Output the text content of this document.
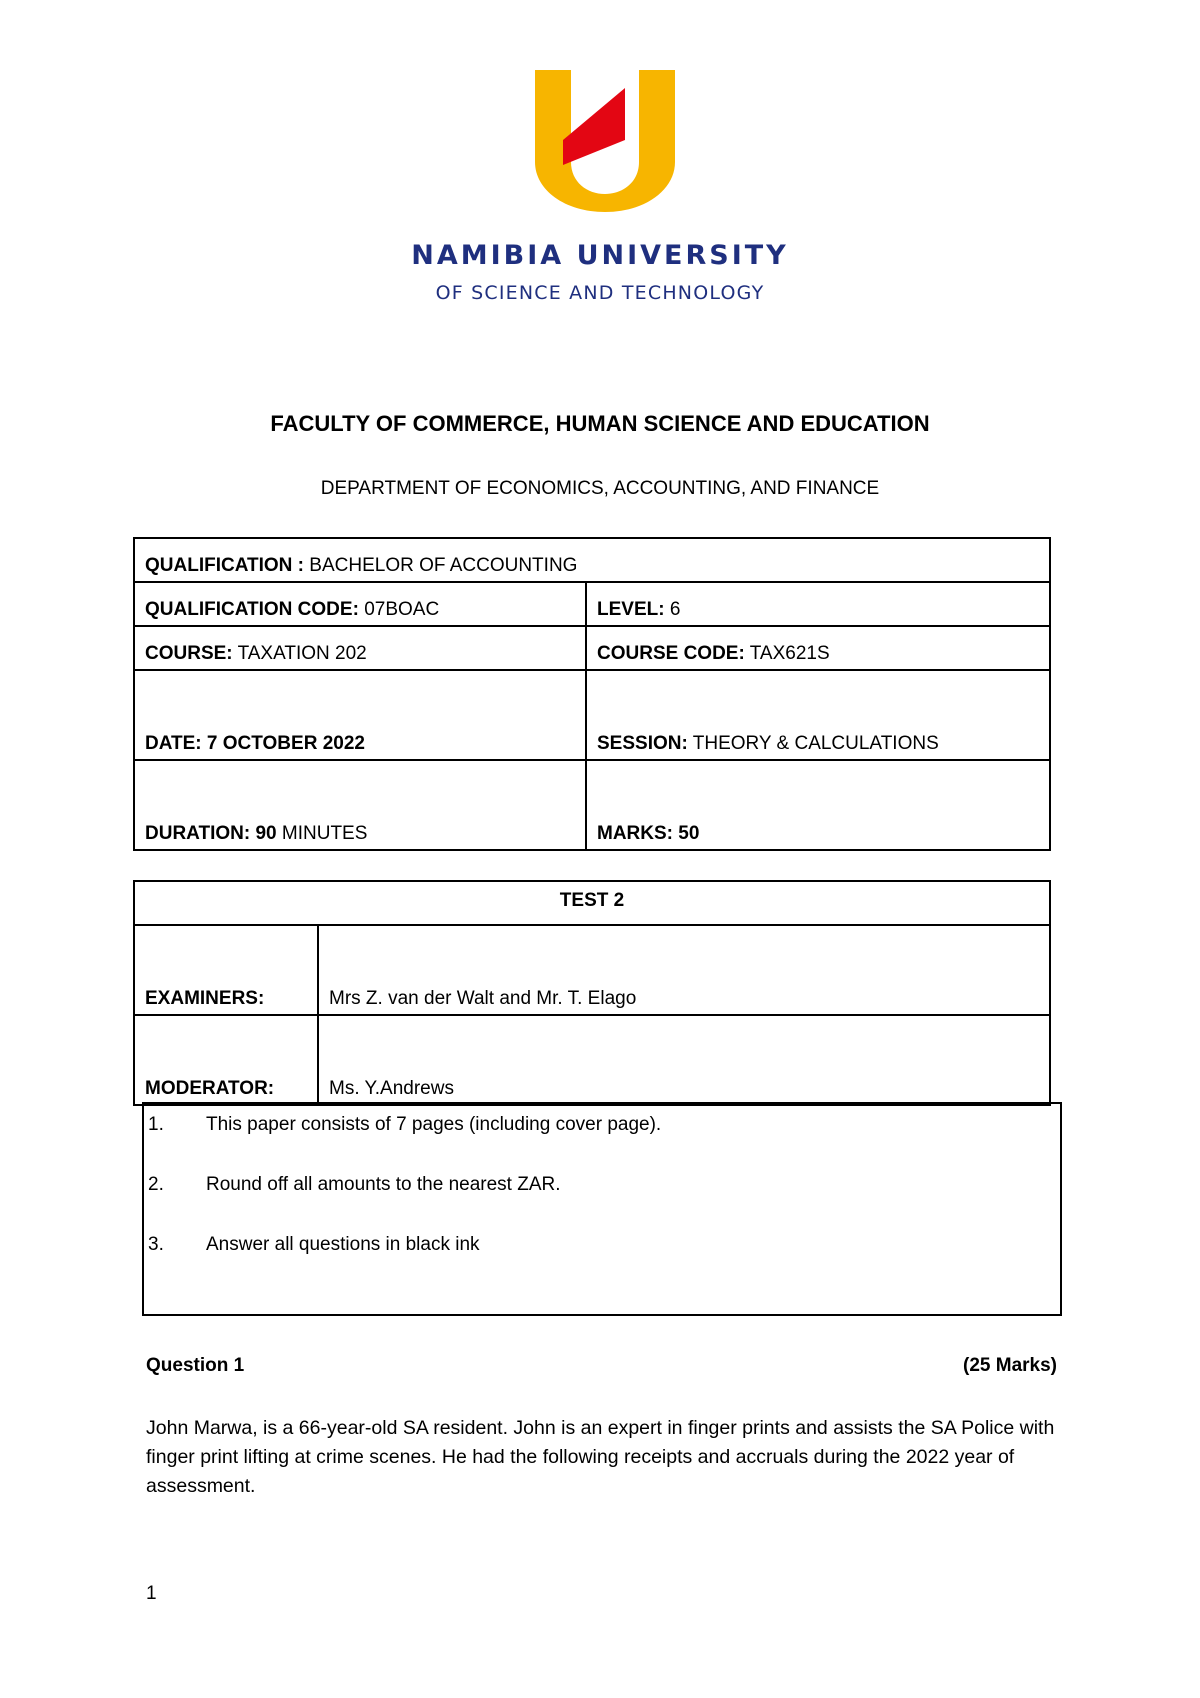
NAMIBIA UNIVERSITY
OF SCIENCE AND TECHNOLOGY
FACULTY OF COMMERCE, HUMAN SCIENCE AND EDUCATION
DEPARTMENT OF ECONOMICS, ACCOUNTING, AND FINANCE
QUALIFICATION : BACHELOR OF ACCOUNTING	
QUALIFICATION CODE: 07BOAC	LEVEL: 6
COURSE: TAXATION 202	COURSE CODE: TAX621S
DATE: 7 OCTOBER 2022	SESSION: THEORY & CALCULATIONS
DURATION: 90 MINUTES	MARKS: 50
TEST 2	
EXAMINERS:	Mrs Z. van der Walt and Mr. T. Elago
MODERATOR:	Ms. Y.Andrews
1. This paper consists of 7 pages (including cover page).
2. Round off all amounts to the nearest ZAR.
3. Answer all questions in black ink
Question 1	(25 Marks)
John Marwa, is a 66-year-old SA resident. John is an expert in finger prints and assists the SA Police with finger print lifting at crime scenes. He had the following receipts and accruals during the 2022 year of assessment.
1
